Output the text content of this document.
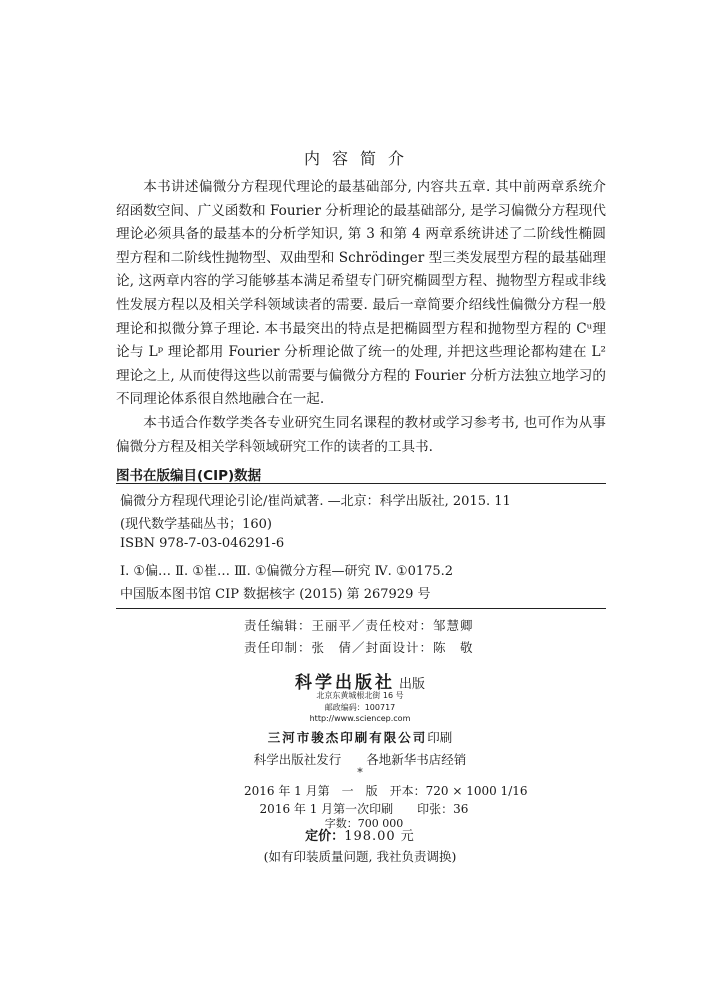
内容简介

本书讲述偏微分方程现代理论的最基础部分, 内容共五章. 其中前两章系统介绍函数空间、广义函数和 Fourier 分析理论的最基础部分, 是学习偏微分方程现代理论必须具备的最基本的分析学知识, 第 3 和第 4 两章系统讲述了二阶线性椭圆型方程和二阶线性抛物型、双曲型和 Schrödinger 型三类发展型方程的最基础理论, 这两章内容的学习能够基本满足希望专门研究椭圆型方程、抛物型方程或非线性发展方程以及相关学科领域读者的需要. 最后一章简要介绍线性偏微分方程一般理论和拟微分算子理论. 本书最突出的特点是把椭圆型方程和抛物型方程的 Cᵘ理论与 Lᵖ 理论都用 Fourier 分析理论做了统一的处理, 并把这些理论都构建在 L² 理论之上, 从而使得这些以前需要与偏微分方程的 Fourier 分析方法独立地学习的不同理论体系很自然地融合在一起.

本书适合作数学类各专业研究生同名课程的教材或学习参考书, 也可作为从事偏微分方程及相关学科领域研究工作的读者的工具书.

图书在版编目(CIP)数据
偏微分方程现代理论引论/崔尚斌著. —北京：科学出版社, 2015. 11
(现代数学基础丛书；160)
ISBN 978-7-03-046291-6
Ⅰ. ①偏… Ⅱ. ①崔… Ⅲ. ①偏微分方程—研究 Ⅳ. ①0175.2
中国版本图书馆 CIP 数据核字 (2015) 第 267929 号
责任编辑：王丽平／责任校对：邹慧卿
责任印制：张　倩／封面设计：陈　敬
科学出版社 出版
北京东黄城根北街 16 号
邮政编码：100717
http://www.sciencep.com
三河市骏杰印刷有限公司印刷
科学出版社发行　　各地新华书店经销
*
2016 年 1 月第　一　版　开本：720 × 1000 1/16
2016 年 1 月第一次印刷　　印张：36
字数：700 000
定价：198.00 元
(如有印装质量问题, 我社负责调换)
